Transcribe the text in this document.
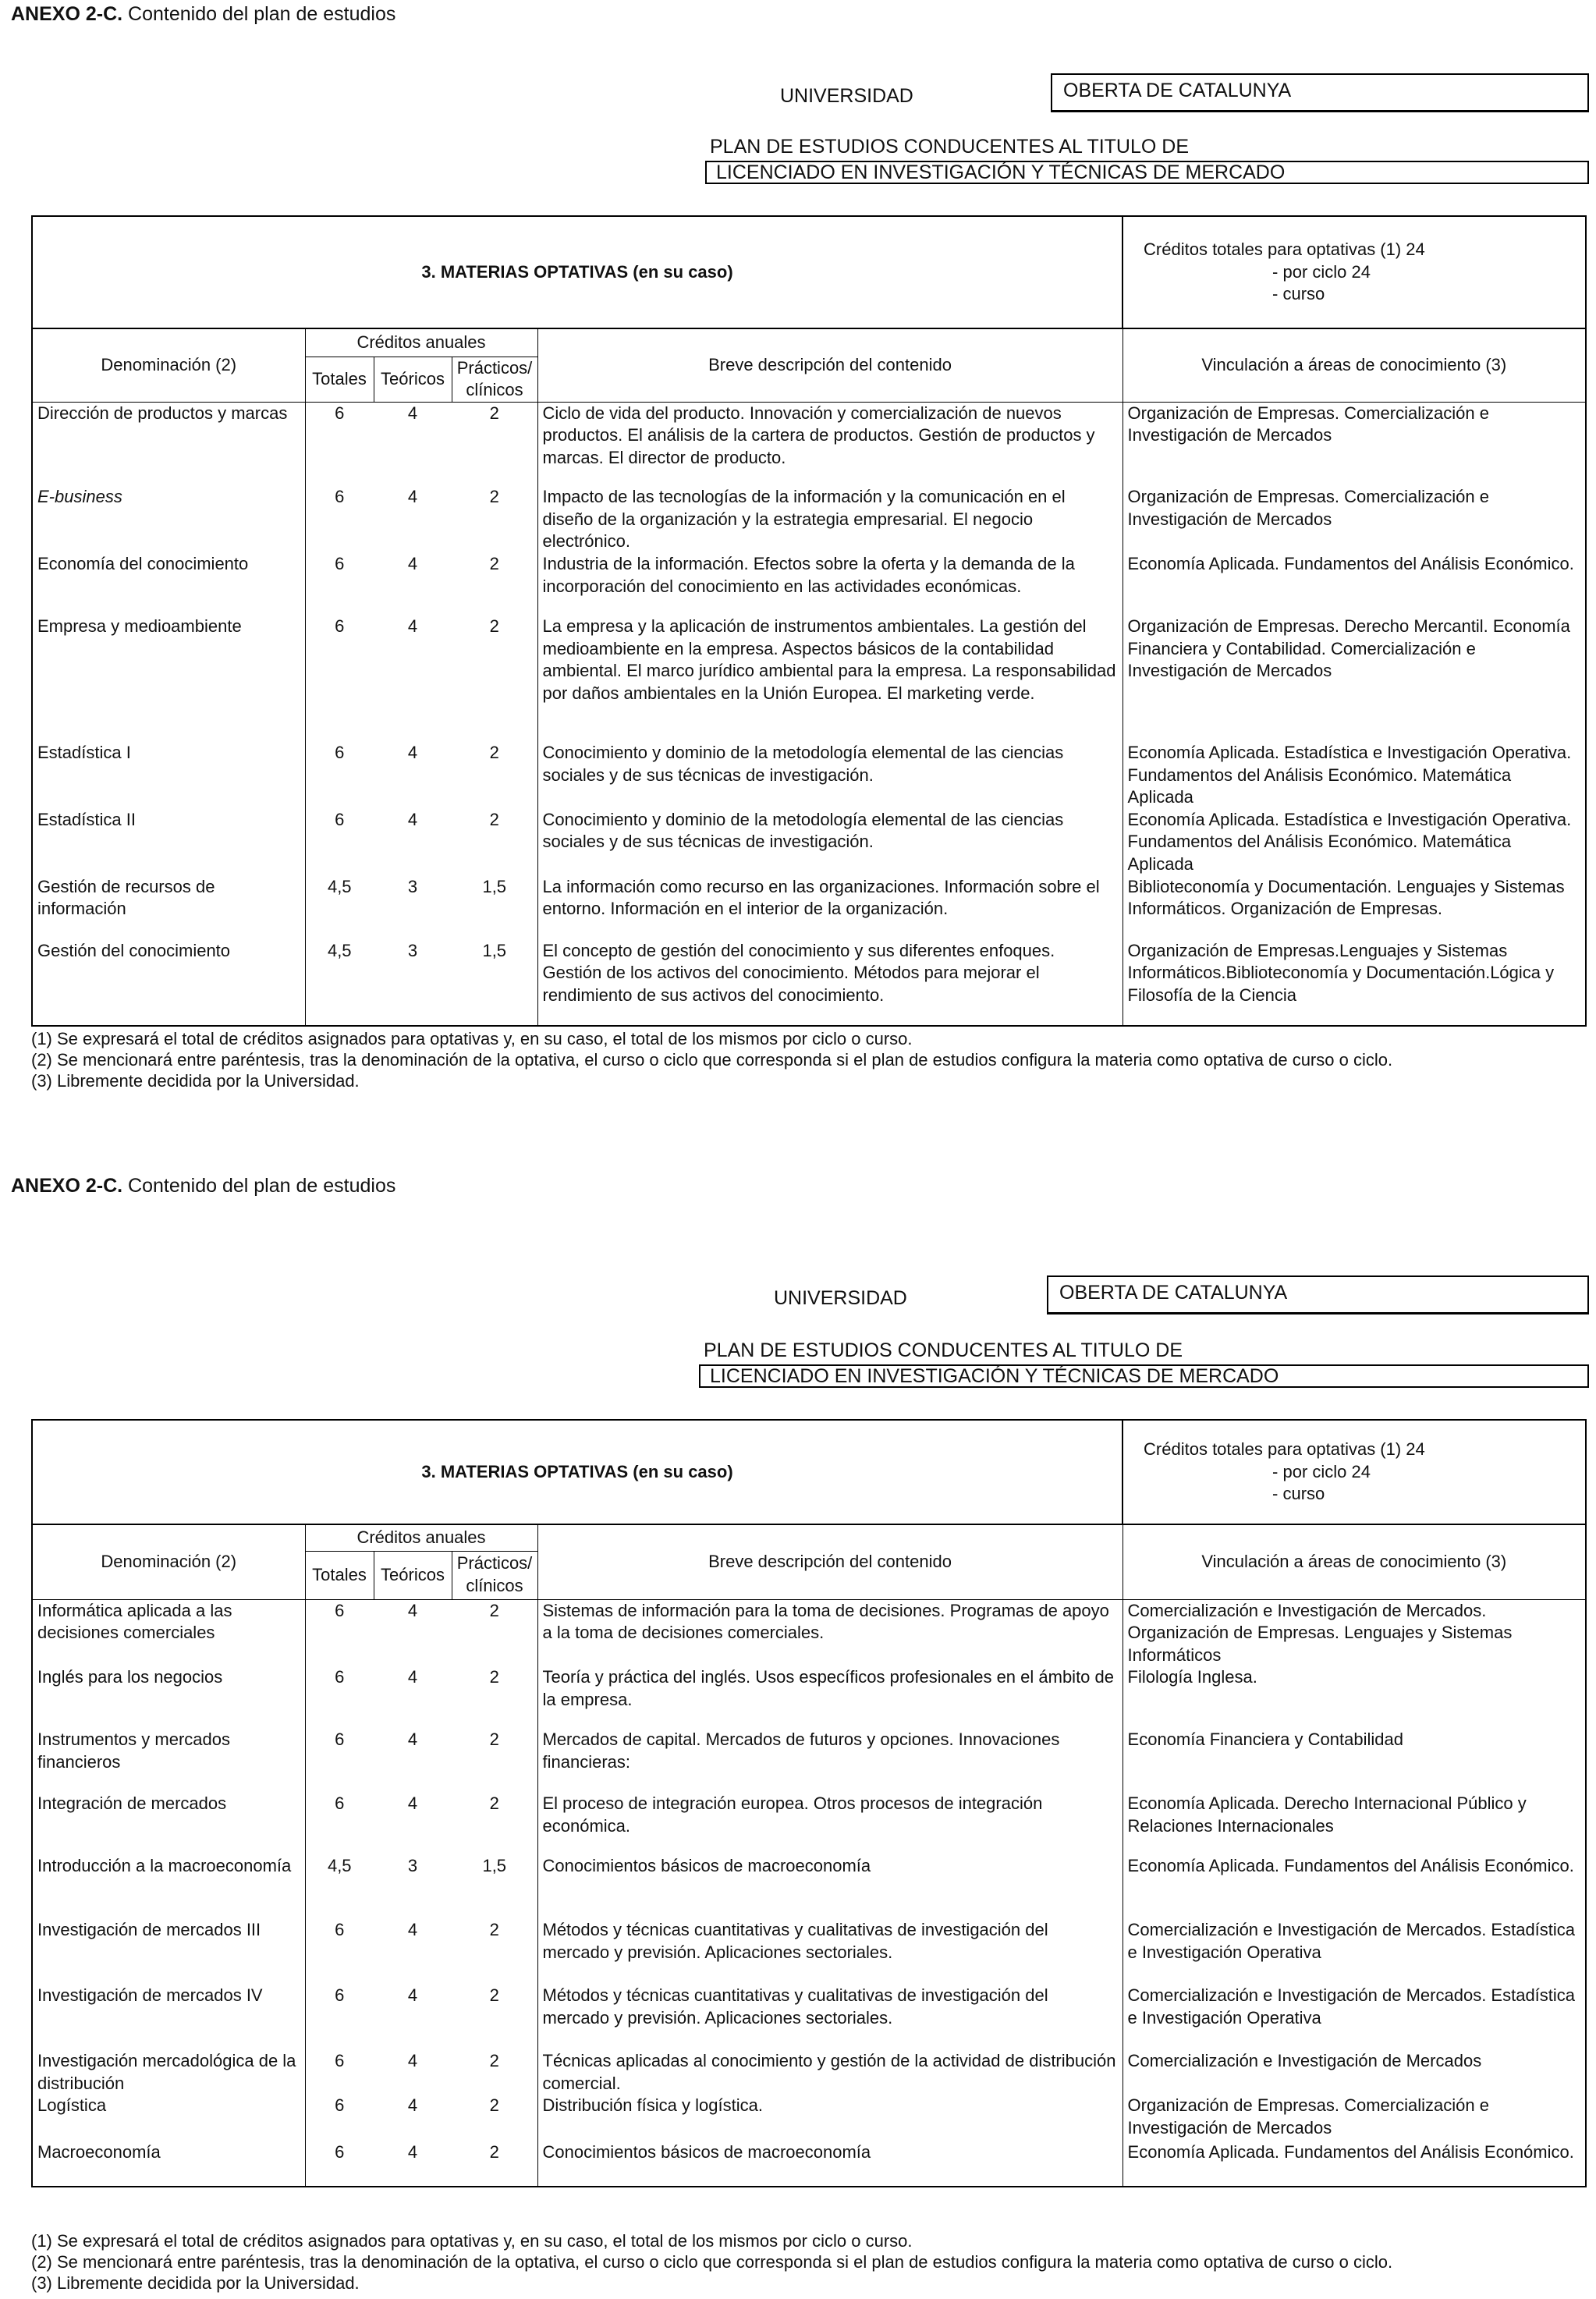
ANEXO 2-C. Contenido del plan de estudios
UNIVERSIDAD	OBERTA DE CATALUNYA
PLAN DE ESTUDIOS CONDUCENTES AL TITULO DE
LICENCIADO EN INVESTIGACIÓN Y TÉCNICAS DE MERCADO
3. MATERIAS OPTATIVAS (en su caso)					Créditos totales para optativas (1) 24
- por ciclo 24
- curso

Denominación (2)	Créditos anuales			Breve descripción del contenido	Vinculación a áreas de conocimiento (3)
	Totales	Teóricos	Prácticos/ clínicos		
Dirección de productos y marcas	6	4	2	Ciclo de vida del producto. Innovación y comercialización de nuevos productos. El análisis de la cartera de productos. Gestión de productos y marcas. El director de producto.	Organización de Empresas. Comercialización e Investigación de Mercados
E-business	6	4	2	Impacto de las tecnologías de la información y la comunicación en el diseño de la organización y la estrategia empresarial. El negocio electrónico.	Organización de Empresas. Comercialización e Investigación de Mercados
Economía del conocimiento	6	4	2	Industria de la información. Efectos sobre la oferta y la demanda de la incorporación del conocimiento en las actividades económicas.	Economía Aplicada. Fundamentos del Análisis Económico.
Empresa y medioambiente	6	4	2	La empresa y la aplicación de instrumentos ambientales. La gestión del medioambiente en la empresa. Aspectos básicos de la contabilidad ambiental. El marco jurídico ambiental para la empresa. La responsabilidad por daños ambientales en la Unión Europea. El marketing verde.	Organización de Empresas. Derecho Mercantil. Economía Financiera y Contabilidad. Comercialización e Investigación de Mercados
Estadística I	6	4	2	Conocimiento y dominio de la metodología elemental de las ciencias sociales y de sus técnicas de investigación.	Economía Aplicada. Estadística e Investigación Operativa. Fundamentos del Análisis Económico. Matemática Aplicada
Estadística II	6	4	2	Conocimiento y dominio de la metodología elemental de las ciencias sociales y de sus técnicas de investigación.	Economía Aplicada. Estadística e Investigación Operativa. Fundamentos del Análisis Económico. Matemática Aplicada
Gestión de recursos de información	4,5	3	1,5	La información como recurso en las organizaciones. Información sobre el entorno. Información en el interior de la organización.	Biblioteconomía y Documentación. Lenguajes y Sistemas Informáticos. Organización de Empresas.
Gestión del conocimiento	4,5	3	1,5	El concepto de gestión del conocimiento y sus diferentes enfoques. Gestión de los activos del conocimiento. Métodos para mejorar el rendimiento de sus activos del conocimiento.	Organización de Empresas.Lenguajes y Sistemas Informáticos.Biblioteconomía y Documentación.Lógica y Filosofía de la Ciencia
(1) Se expresará el total de créditos asignados para optativas y, en su caso, el total de los mismos por ciclo o curso.
(2) Se mencionará entre paréntesis, tras la denominación de la optativa, el curso o ciclo que corresponda si el plan de estudios configura la materia como optativa de curso o ciclo.
(3) Libremente decidida por la Universidad.
ANEXO 2-C. Contenido del plan de estudios
UNIVERSIDAD	OBERTA DE CATALUNYA
PLAN DE ESTUDIOS CONDUCENTES AL TITULO DE
LICENCIADO EN INVESTIGACIÓN Y TÉCNICAS DE MERCADO
3. MATERIAS OPTATIVAS (en su caso)					Créditos totales para optativas (1) 24
- por ciclo 24
- curso

Denominación (2)	Créditos anuales			Breve descripción del contenido	Vinculación a áreas de conocimiento (3)
	Totales	Teóricos	Prácticos/ clínicos		
Informática aplicada a las decisiones comerciales	6	4	2	Sistemas de información para la toma de decisiones. Programas de apoyo a la toma de decisiones comerciales.	Comercialización e Investigación de Mercados. Organización de Empresas. Lenguajes y Sistemas Informáticos
Inglés para los negocios	6	4	2	Teoría y práctica del inglés. Usos específicos profesionales en el ámbito de la empresa.	Filología Inglesa.
Instrumentos y mercados financieros	6	4	2	Mercados de capital. Mercados de futuros y opciones. Innovaciones financieras:	Economía Financiera y Contabilidad
Integración de mercados	6	4	2	El proceso de integración europea. Otros procesos de integración económica.	Economía Aplicada. Derecho Internacional Público y Relaciones Internacionales
Introducción a la macroeconomía	4,5	3	1,5	Conocimientos básicos de macroeconomía	Economía Aplicada. Fundamentos del Análisis Económico.
Investigación de mercados III	6	4	2	Métodos y técnicas cuantitativas y cualitativas de investigación del mercado y previsión. Aplicaciones sectoriales.	Comercialización e Investigación de Mercados. Estadística e Investigación Operativa
Investigación de mercados IV	6	4	2	Métodos y técnicas cuantitativas y cualitativas de investigación del mercado y previsión. Aplicaciones sectoriales.	Comercialización e Investigación de Mercados. Estadística e Investigación Operativa
Investigación mercadológica de la distribución	6	4	2	Técnicas aplicadas al conocimiento y gestión de la actividad de distribución comercial.	Comercialización e Investigación de Mercados
Logística	6	4	2	Distribución física y logística.	Organización de Empresas. Comercialización e Investigación de Mercados
Macroeconomía	6	4	2	Conocimientos básicos de macroeconomía	Economía Aplicada. Fundamentos del Análisis Económico.
(1) Se expresará el total de créditos asignados para optativas y, en su caso, el total de los mismos por ciclo o curso.
(2) Se mencionará entre paréntesis, tras la denominación de la optativa, el curso o ciclo que corresponda si el plan de estudios configura la materia como optativa de curso o ciclo.
(3) Libremente decidida por la Universidad.
